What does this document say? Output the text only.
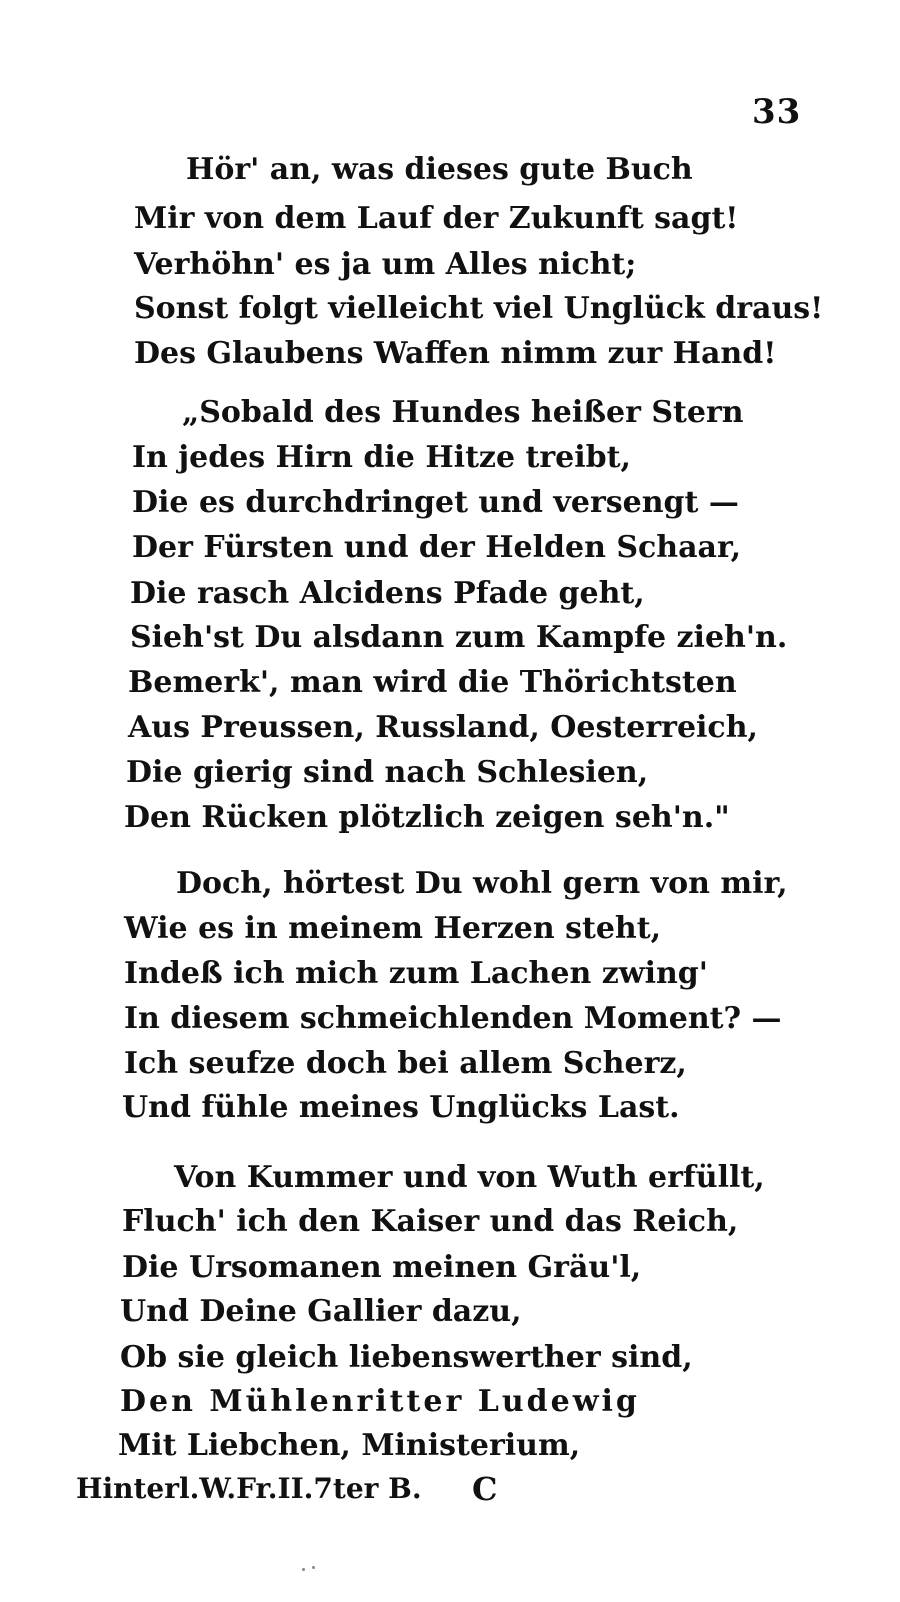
33
Hör' an, was dieses gute Buch
Mir von dem Lauf der Zukunft sagt!
Verhöhn' es ja um Alles nicht;
Sonst folgt vielleicht viel Unglück draus!
Des Glaubens Waffen nimm zur Hand!
„Sobald des Hundes heißer Stern
In jedes Hirn die Hitze treibt,
Die es durchdringet und versengt —
Der Fürsten und der Helden Schaar,
Die rasch Alcidens Pfade geht,
Sieh'st Du alsdann zum Kampfe zieh'n.
Bemerk', man wird die Thörichtsten
Aus Preussen, Russland, Oesterreich,
Die gierig sind nach Schlesien,
Den Rücken plötzlich zeigen seh'n."
Doch, hörtest Du wohl gern von mir,
Wie es in meinem Herzen steht,
Indeß ich mich zum Lachen zwing'
In diesem schmeichlenden Moment? —
Ich seufze doch bei allem Scherz,
Und fühle meines Unglücks Last.
Von Kummer und von Wuth erfüllt,
Fluch' ich den Kaiser und das Reich,
Die Ursomanen meinen Gräu'l,
Und Deine Gallier dazu,
Ob sie gleich liebenswerther sind,
Den Mühlenritter Ludewig
Mit Liebchen, Ministerium,
Hinterl.W.Fr.II.7ter B. C
